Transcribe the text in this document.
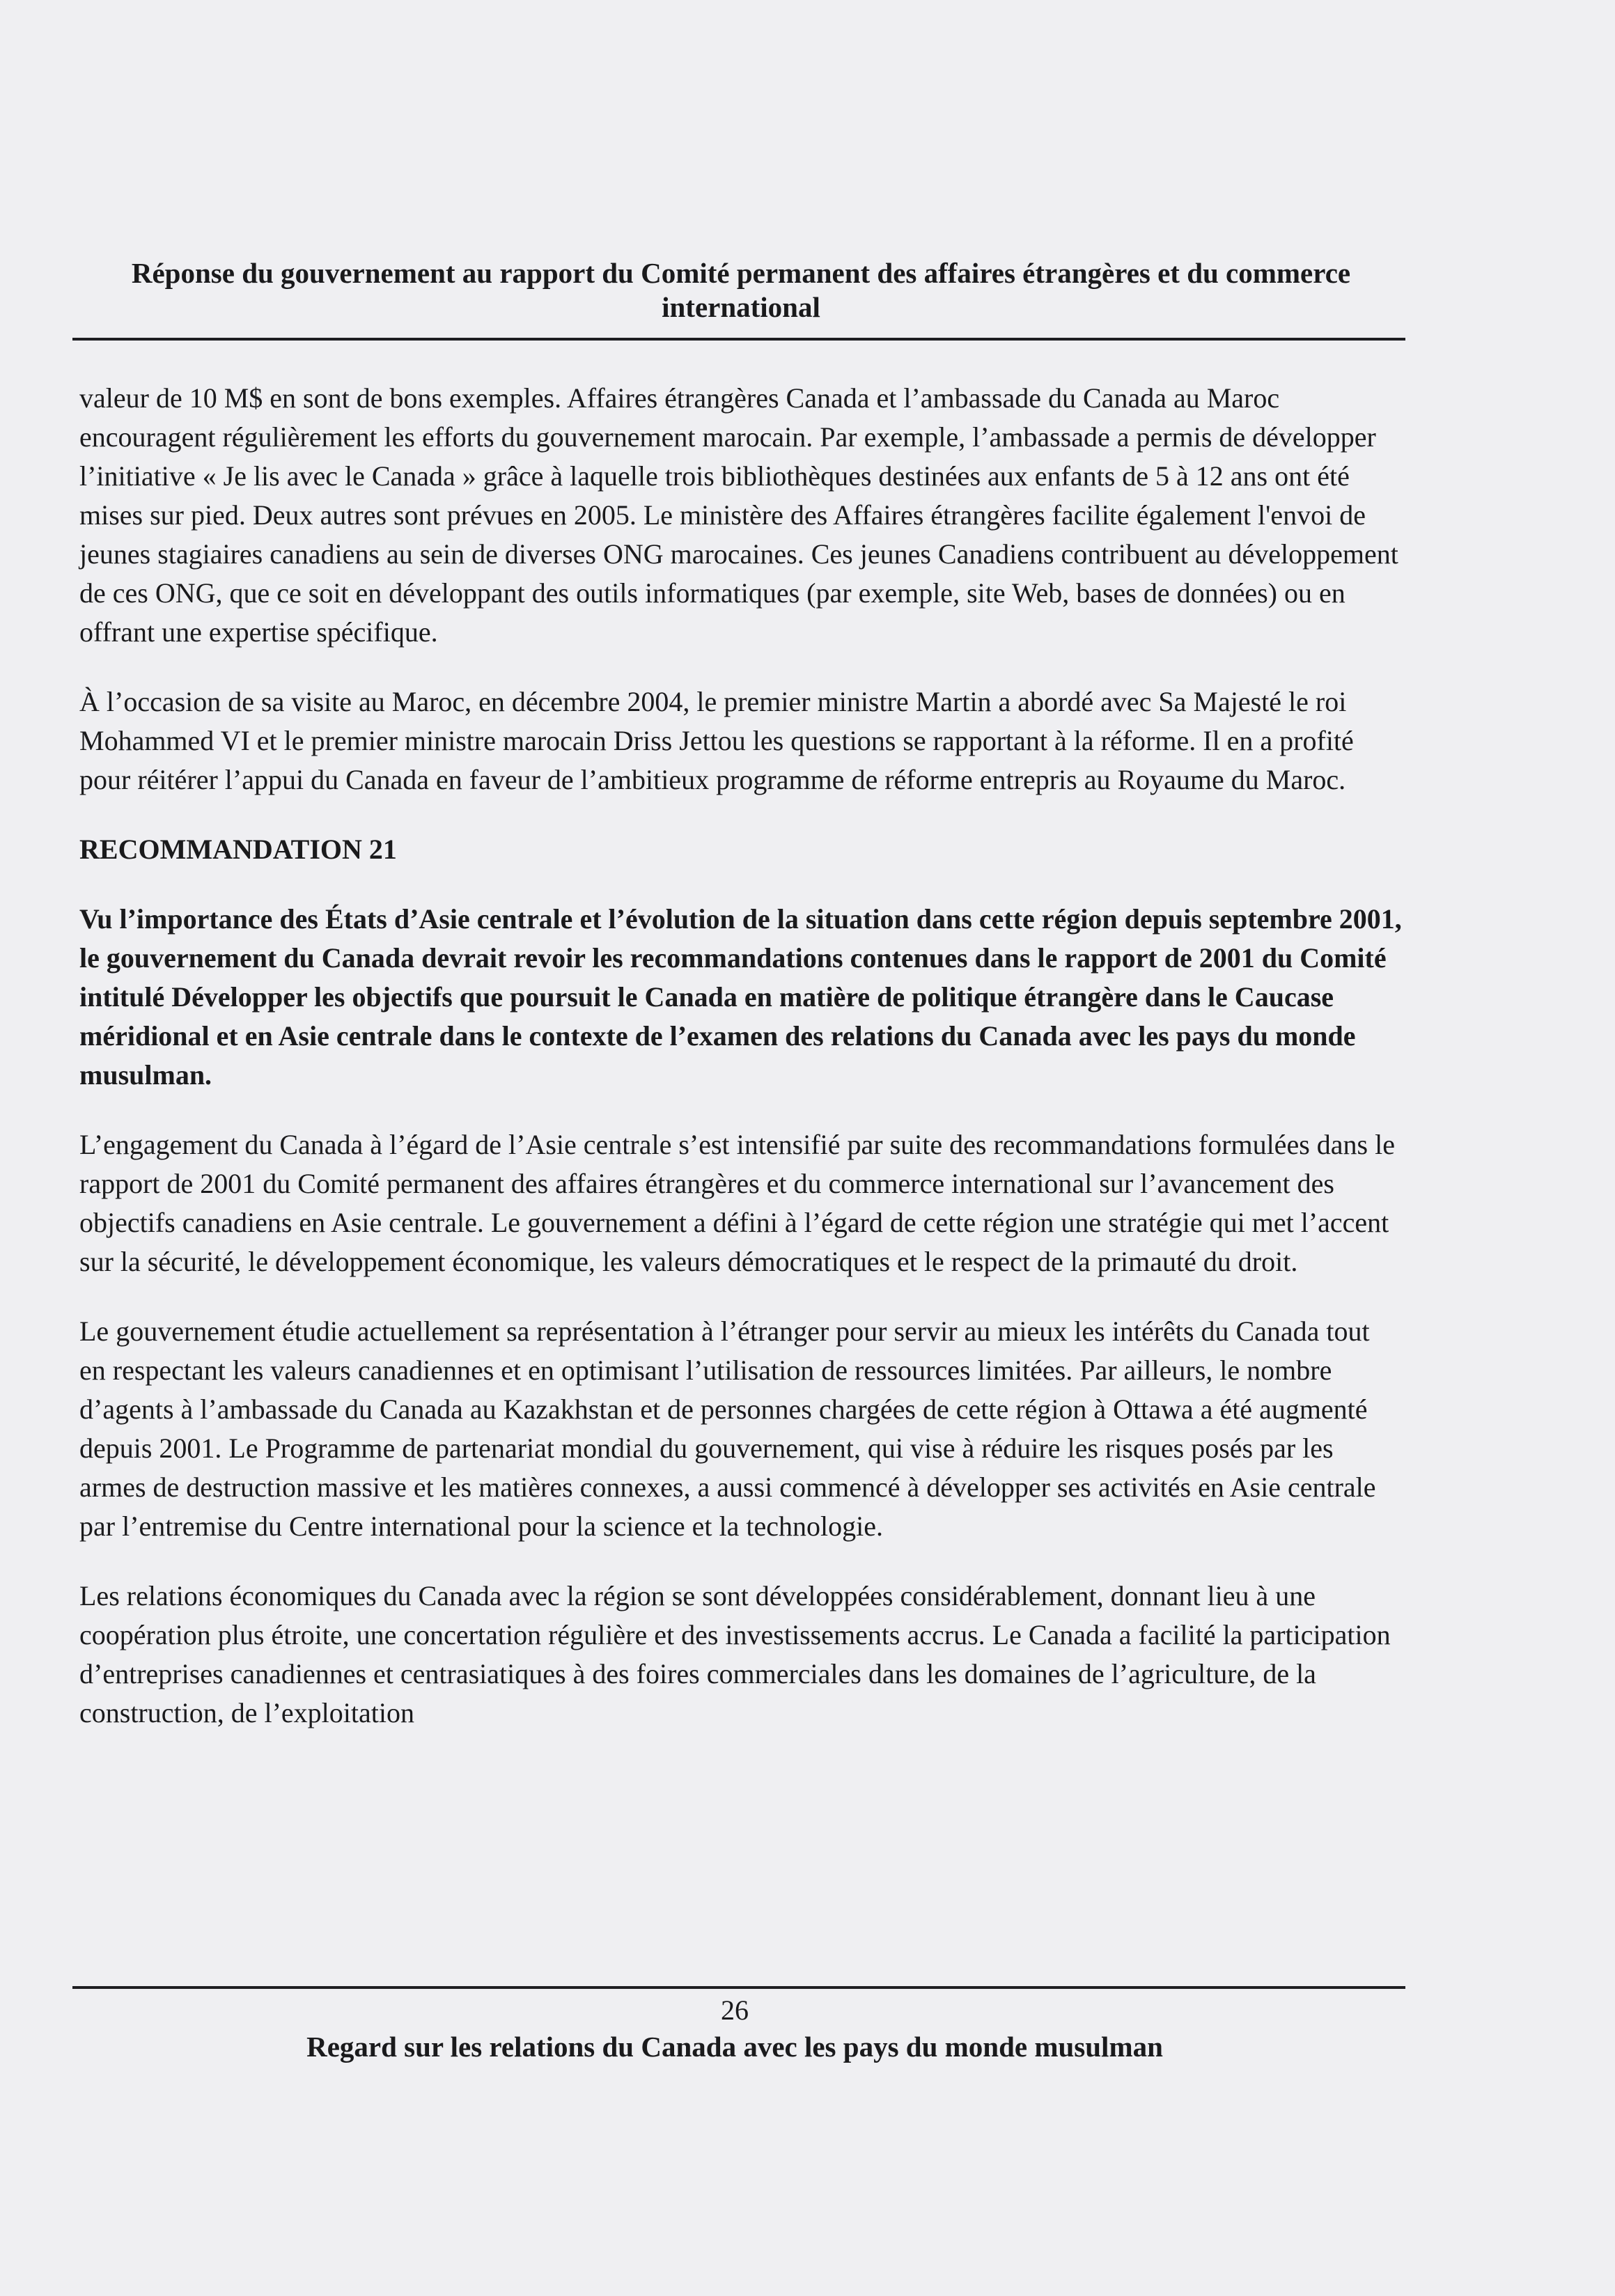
Réponse du gouvernement au rapport du Comité permanent des affaires étrangères et du commerce international

valeur de 10 M$ en sont de bons exemples. Affaires étrangères Canada et l’ambassade du Canada au Maroc encouragent régulièrement les efforts du gouvernement marocain. Par exemple, l’ambassade a permis de développer l’initiative « Je lis avec le Canada » grâce à laquelle trois bibliothèques destinées aux enfants de 5 à 12 ans ont été mises sur pied. Deux autres sont prévues en 2005. Le ministère des Affaires étrangères facilite également l'envoi de jeunes stagiaires canadiens au sein de diverses ONG marocaines. Ces jeunes Canadiens contribuent au développement de ces ONG, que ce soit en développant des outils informatiques (par exemple, site Web, bases de données) ou en offrant une expertise spécifique.

À l’occasion de sa visite au Maroc, en décembre 2004, le premier ministre Martin a abordé avec Sa Majesté le roi Mohammed VI et le premier ministre marocain Driss Jettou les questions se rapportant à la réforme. Il en a profité pour réitérer l’appui du Canada en faveur de l’ambitieux programme de réforme entrepris au Royaume du Maroc.

RECOMMANDATION 21

Vu l’importance des États d’Asie centrale et l’évolution de la situation dans cette région depuis septembre 2001, le gouvernement du Canada devrait revoir les recommandations contenues dans le rapport de 2001 du Comité intitulé Développer les objectifs que poursuit le Canada en matière de politique étrangère dans le Caucase méridional et en Asie centrale dans le contexte de l’examen des relations du Canada avec les pays du monde musulman.

L’engagement du Canada à l’égard de l’Asie centrale s’est intensifié par suite des recommandations formulées dans le rapport de 2001 du Comité permanent des affaires étrangères et du commerce international sur l’avancement des objectifs canadiens en Asie centrale. Le gouvernement a défini à l’égard de cette région une stratégie qui met l’accent sur la sécurité, le développement économique, les valeurs démocratiques et le respect de la primauté du droit.

Le gouvernement étudie actuellement sa représentation à l’étranger pour servir au mieux les intérêts du Canada tout en respectant les valeurs canadiennes et en optimisant l’utilisation de ressources limitées. Par ailleurs, le nombre d’agents à l’ambassade du Canada au Kazakhstan et de personnes chargées de cette région à Ottawa a été augmenté depuis 2001. Le Programme de partenariat mondial du gouvernement, qui vise à réduire les risques posés par les armes de destruction massive et les matières connexes, a aussi commencé à développer ses activités en Asie centrale par l’entremise du Centre international pour la science et la technologie.

Les relations économiques du Canada avec la région se sont développées considérablement, donnant lieu à une coopération plus étroite, une concertation régulière et des investissements accrus. Le Canada a facilité la participation d’entreprises canadiennes et centrasiatiques à des foires commerciales dans les domaines de l’agriculture, de la construction, de l’exploitation

26
Regard sur les relations du Canada avec les pays du monde musulman
